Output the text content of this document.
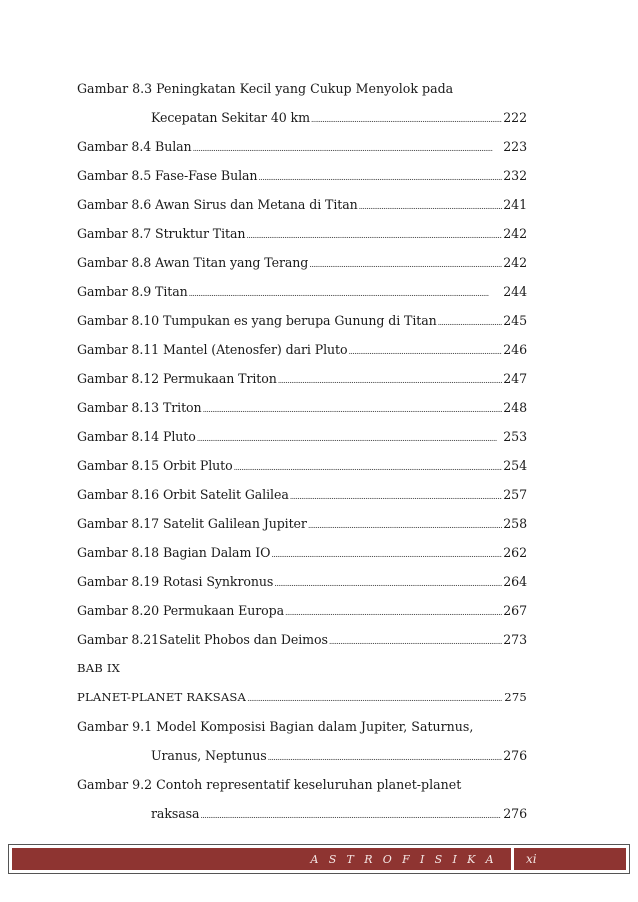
Gambar 8.3 Peningkatan Kecil yang Cukup Menyolok pada
Kecepatan Sekitar 40 km . . .	222
Gambar 8.4 Bulan . . .	223
Gambar 8.5 Fase-Fase Bulan . . .	232
Gambar 8.6 Awan Sirus dan Metana di Titan . . .	241
Gambar 8.7 Struktur Titan . . .	242
Gambar 8.8 Awan Titan yang Terang . . .	242
Gambar 8.9 Titan . . .	244
Gambar 8.10 Tumpukan es yang berupa Gunung di Titan . . .	245
Gambar 8.11 Mantel (Atenosfer) dari Pluto . . .	246
Gambar 8.12 Permukaan Triton . . .	247
Gambar 8.13 Triton . . .	248
Gambar 8.14 Pluto . . .	253
Gambar 8.15 Orbit Pluto . . .	254
Gambar 8.16 Orbit Satelit Galilea . . .	257
Gambar 8.17 Satelit Galilean Jupiter . . .	258
Gambar 8.18 Bagian Dalam IO . . .	262
Gambar 8.19 Rotasi Synkronus . . .	264
Gambar 8.20 Permukaan Europa . . .	267
Gambar 8.21Satelit Phobos dan Deimos . . .	273
BAB IX
PLANET-PLANET RAKSASA . . .	275
Gambar 9.1 Model Komposisi Bagian dalam Jupiter, Saturnus,
Uranus, Neptunus . . .	276
Gambar 9.2 Contoh representatif keseluruhan planet-planet
raksasa . . .	276
A S T R O F I S I K A	xi
